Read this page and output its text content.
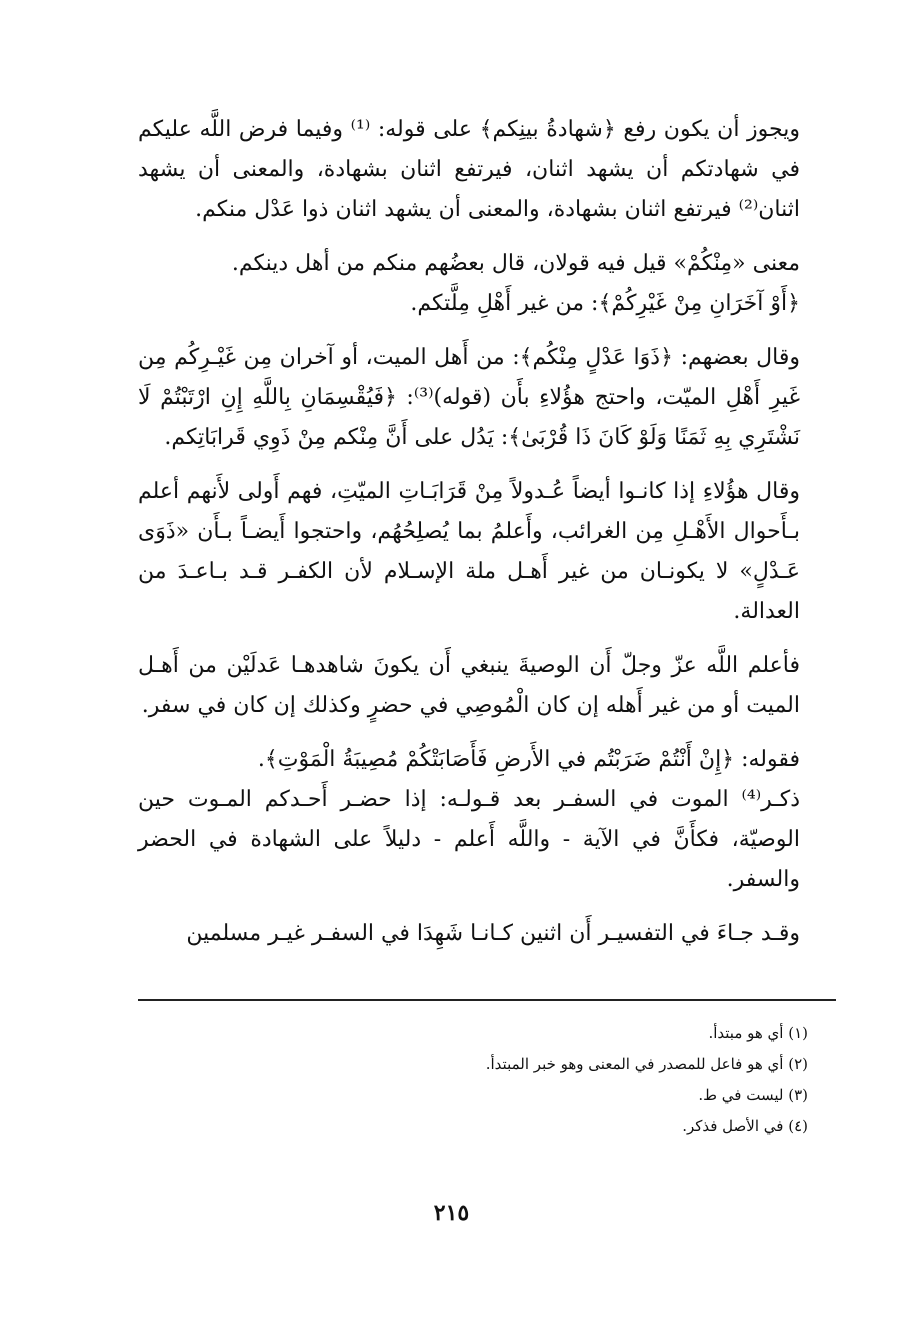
ويجوز أن يكون رفع ﴿شهادةُ بينِكم﴾ على قوله: ⁽¹⁾ وفيما فرض اللَّه عليكم في شهادتكم أن يشهد اثنان، فيرتفع اثنان بشهادة، والمعنى أن يشهد اثنان⁽²⁾ فيرتفع اثنان بشهادة، والمعنى أن يشهد اثنان ذوا عَدْل منكم.

معنى «مِنْكُمْ» قيل فيه قولان، قال بعضُهم منكم من أهل دينكم.

﴿أَوْ آخَرَانِ مِنْ غَيْرِكُمْ﴾: من غير أَهْلِ مِلَّتكم.

وقال بعضهم: ﴿ذَوَا عَدْلٍ مِنْكُم﴾: من أَهل الميت، أو آخران مِن غَيْـرِكُم مِن غَيرِ أَهْلِ الميّت، واحتج هؤُلاءِ بأَن (قوله)⁽³⁾: ﴿فَيُقْسِمَانِ بِاللَّهِ إِنِ ارْتَبْتُمْ لَا نَشْتَرِي بِهِ ثَمَنًا وَلَوْ كَانَ ذَا قُرْبَىٰ﴾: يَدُل على أَنَّ مِنْكم مِنْ ذَوِي قَرابَاتِكم.

وقال هؤُلاءِ إذا كانـوا أيضاً عُـدولاً مِنْ قَرَابَـاتِ الميّتِ، فهم أَولى لأَنهم أعلم بـأَحوال الأَهْـلِ مِن الغرائب، وأَعلمُ بما يُصلِحُهُم، واحتجوا أَيضـاً بـأَن «ذَوَى عَـدْلٍ» لا يكونـان من غير أَهـل ملة الإسـلام لأن الكفـر قـد بـاعـدَ من العدالة.

فأعلم اللَّه عزّ وجلّ أَن الوصيةَ ينبغي أَن يكونَ شاهدهـا عَدلَيْن من أَهـل الميت أو من غير أَهله إن كان الْمُوصِي في حضرٍ وكذلك إن كان في سفر.

فقوله: ﴿إِنْ أَنْتُمْ ضَرَبْتُم في الأَرضِ فَأَصَابَتْكُمْ مُصِيبَةُ الْمَوْتِ﴾.

ذكـر⁽⁴⁾ الموت في السفـر بعد قـولـه: إذا حضـر أَحـدكم المـوت حين الوصيّة، فكأَنَّ في الآية - واللَّه أَعلم - دليلاً على الشهادة في الحضر والسفر.

وقـد جـاءَ في التفسيـر أَن اثنين كـانـا شَهِدَا في السفـر غيـر مسلمين

(١) أي هو مبتدأ.
(٢) أي هو فاعل للمصدر في المعنى وهو خبر المبتدأ.
(٣) ليست في ط.
(٤) في الأصل فذكر.
٢١٥
